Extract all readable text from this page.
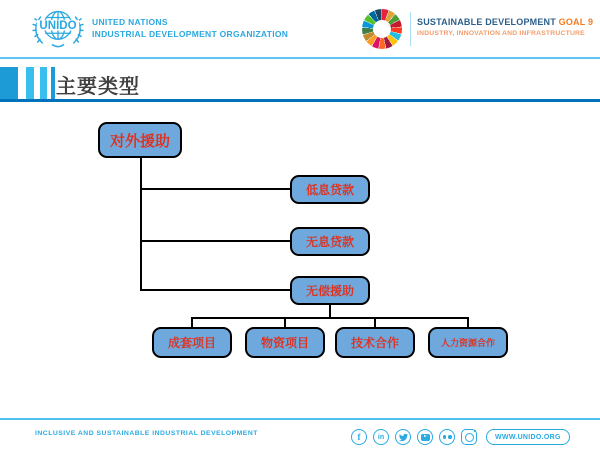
UNIDO UNITED NATIONS
INDUSTRIAL DEVELOPMENT ORGANIZATION
SUSTAINABLE DEVELOPMENT GOAL 9
INDUSTRY, INNOVATION AND INFRASTRUCTURE
主要类型
对外援助
低息贷款
无息贷款
无偿援助
成套项目	物资项目	技术合作	人力资源合作
INCLUSIVE AND SUSTAINABLE INDUSTRIAL DEVELOPMENT	f in	WWW.UNIDO.ORG
